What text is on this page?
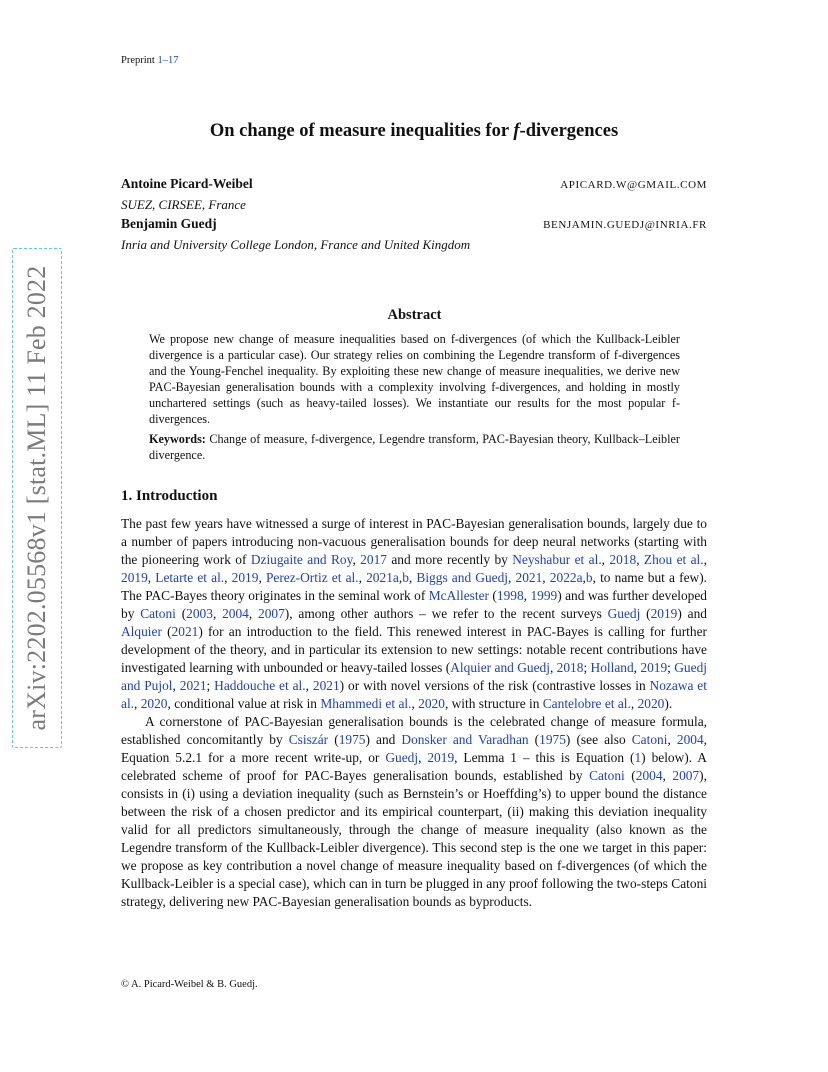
Preprint 1–17
arXiv:2202.05568v1 [stat.ML] 11 Feb 2022
On change of measure inequalities for f-divergences
Antoine Picard-Weibel	APICARD.W@GMAIL.COM
SUEZ, CIRSEE, France
Benjamin Guedj	BENJAMIN.GUEDJ@INRIA.FR
Inria and University College London, France and United Kingdom
Abstract

We propose new change of measure inequalities based on f-divergences (of which the Kullback-Leibler divergence is a particular case). Our strategy relies on combining the Legendre transform of f-divergences and the Young-Fenchel inequality. By exploiting these new change of measure inequalities, we derive new PAC-Bayesian generalisation bounds with a complexity involving f-divergences, and holding in mostly unchartered settings (such as heavy-tailed losses). We instantiate our results for the most popular f-divergences.

Keywords: Change of measure, f-divergence, Legendre transform, PAC-Bayesian theory, Kullback–Leibler divergence.

1. Introduction

The past few years have witnessed a surge of interest in PAC-Bayesian generalisation bounds, largely due to a number of papers introducing non-vacuous generalisation bounds for deep neural networks (starting with the pioneering work of Dziugaite and Roy, 2017 and more recently by Neyshabur et al., 2018, Zhou et al., 2019, Letarte et al., 2019, Perez-Ortiz et al., 2021a,b, Biggs and Guedj, 2021, 2022a,b, to name but a few). The PAC-Bayes theory originates in the seminal work of McAllester (1998, 1999) and was further developed by Catoni (2003, 2004, 2007), among other authors – we refer to the recent surveys Guedj (2019) and Alquier (2021) for an introduction to the field. This renewed interest in PAC-Bayes is calling for further development of the theory, and in particular its extension to new settings: notable recent contributions have investigated learning with unbounded or heavy-tailed losses (Alquier and Guedj, 2018; Holland, 2019; Guedj and Pujol, 2021; Haddouche et al., 2021) or with novel versions of the risk (contrastive losses in Nozawa et al., 2020, conditional value at risk in Mhammedi et al., 2020, with structure in Cantelobre et al., 2020).

A cornerstone of PAC-Bayesian generalisation bounds is the celebrated change of measure formula, established concomitantly by Csiszár (1975) and Donsker and Varadhan (1975) (see also Catoni, 2004, Equation 5.2.1 for a more recent write-up, or Guedj, 2019, Lemma 1 – this is Equation (1) below). A celebrated scheme of proof for PAC-Bayes generalisation bounds, established by Catoni (2004, 2007), consists in (i) using a deviation inequality (such as Bernstein’s or Hoeffding’s) to upper bound the distance between the risk of a chosen predictor and its empirical counterpart, (ii) making this deviation inequality valid for all predictors simultaneously, through the change of measure inequality (also known as the Legendre transform of the Kullback-Leibler divergence). This second step is the one we target in this paper: we propose as key contribution a novel change of measure inequality based on f-divergences (of which the Kullback-Leibler is a special case), which can in turn be plugged in any proof following the two-steps Catoni strategy, delivering new PAC-Bayesian generalisation bounds as byproducts.

© A. Picard-Weibel & B. Guedj.
